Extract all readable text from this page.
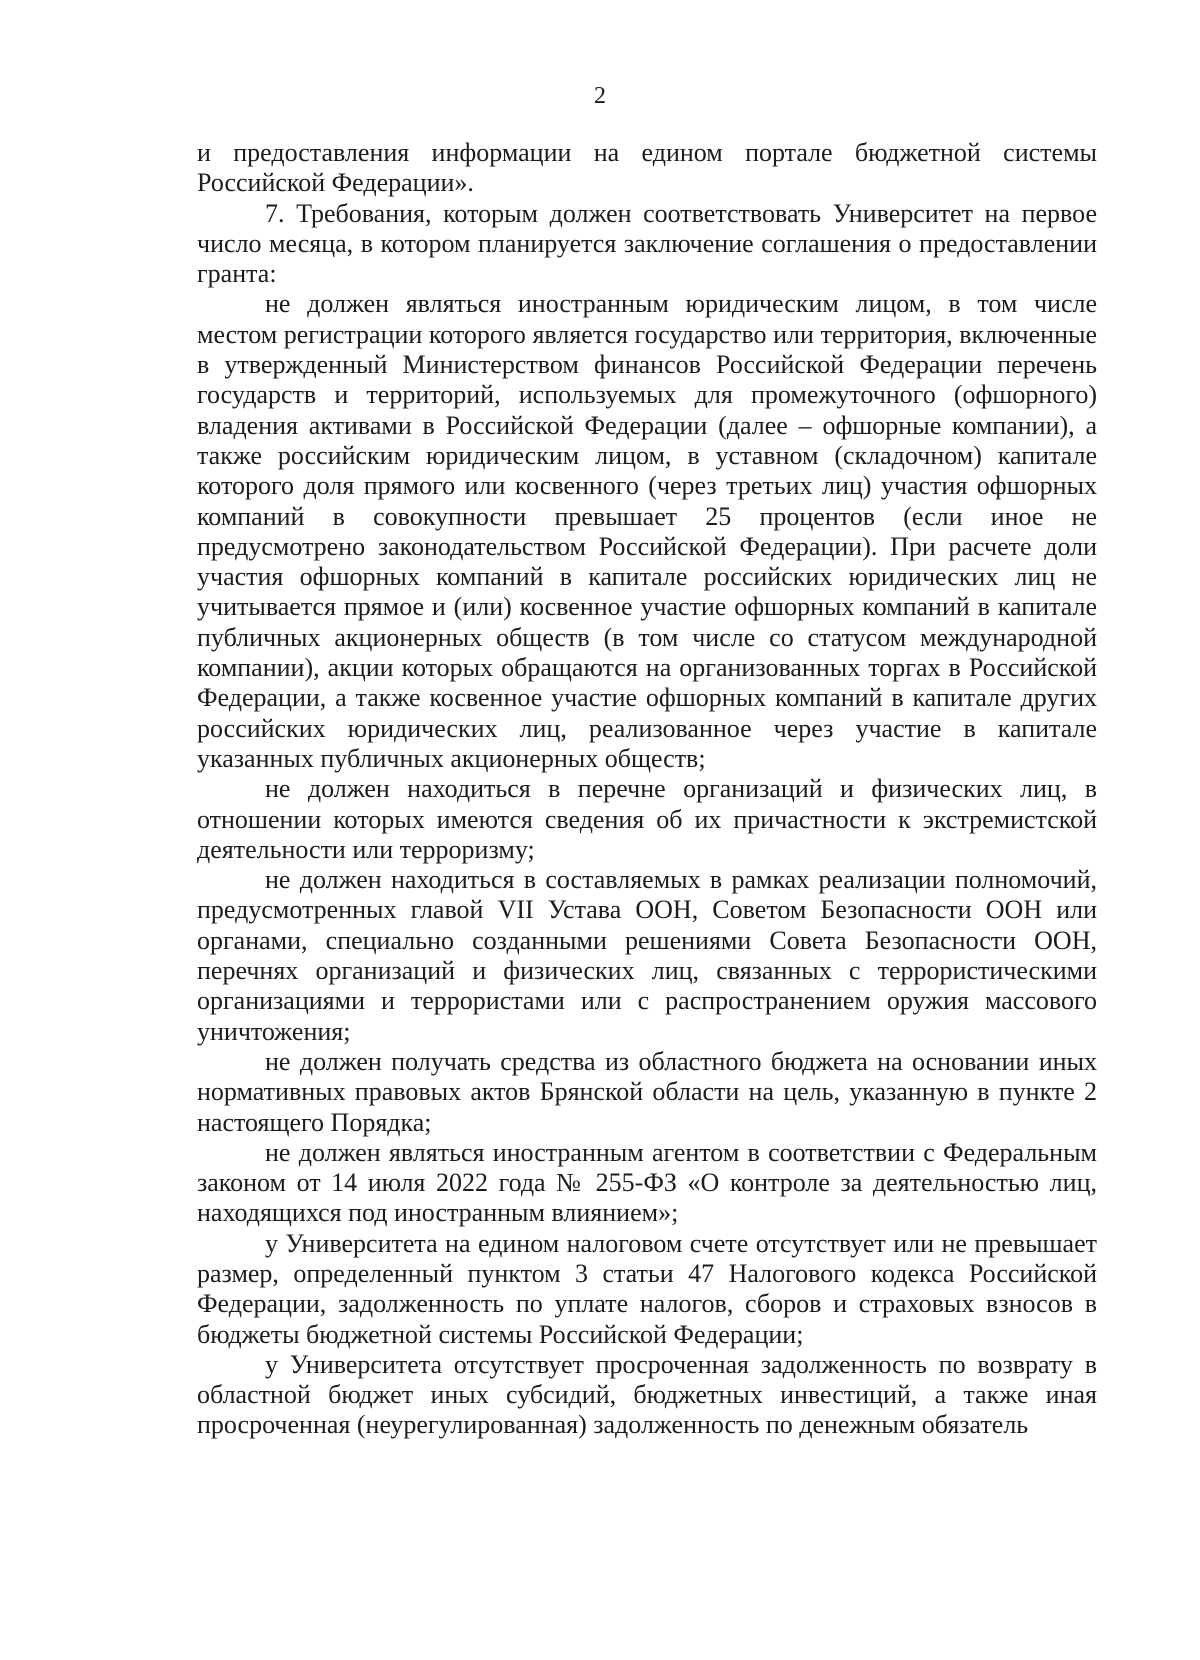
2

и предоставления информации на едином портале бюджетной системы Российской Федерации».

7. Требования, которым должен соответствовать Университет на первое число месяца, в котором планируется заключение соглашения о предоставлении гранта:

не должен являться иностранным юридическим лицом, в том числе местом регистрации которого является государство или территория, включенные в утвержденный Министерством финансов Российской Федерации перечень государств и территорий, используемых для промежуточного (офшорного) владения активами в Российской Федерации (далее – офшорные компании), а также российским юридическим лицом, в уставном (складочном) капитале которого доля прямого или косвенного (через третьих лиц) участия офшорных компаний в совокупности превышает 25 процентов (если иное не предусмотрено законодательством Российской Федерации). При расчете доли участия офшорных компаний в капитале российских юридических лиц не учитывается прямое и (или) косвенное участие офшорных компаний в капитале публичных акционерных обществ (в том числе со статусом международной компании), акции которых обращаются на организованных торгах в Российской Федерации, а также косвенное участие офшорных компаний в капитале других российских юридических лиц, реализованное через участие в капитале указанных публичных акционерных обществ;

не должен находиться в перечне организаций и физических лиц, в отношении которых имеются сведения об их причастности к экстремистской деятельности или терроризму;

не должен находиться в составляемых в рамках реализации полномочий, предусмотренных главой VII Устава ООН, Советом Безопасности ООН или органами, специально созданными решениями Совета Безопасности ООН, перечнях организаций и физических лиц, связанных с террористическими организациями и террористами или с распространением оружия массового уничтожения;

не должен получать средства из областного бюджета на основании иных нормативных правовых актов Брянской области на цель, указанную в пункте 2 настоящего Порядка;

не должен являться иностранным агентом в соответствии с Федеральным законом от 14 июля 2022 года № 255-ФЗ «О контроле за деятельностью лиц, находящихся под иностранным влиянием»;

у Университета на едином налоговом счете отсутствует или не превышает размер, определенный пунктом 3 статьи 47 Налогового кодекса Российской Федерации, задолженность по уплате налогов, сборов и страховых взносов в бюджеты бюджетной системы Российской Федерации;

у Университета отсутствует просроченная задолженность по возврату в областной бюджет иных субсидий, бюджетных инвестиций, а также иная просроченная (неурегулированная) задолженность по денежным обязатель
